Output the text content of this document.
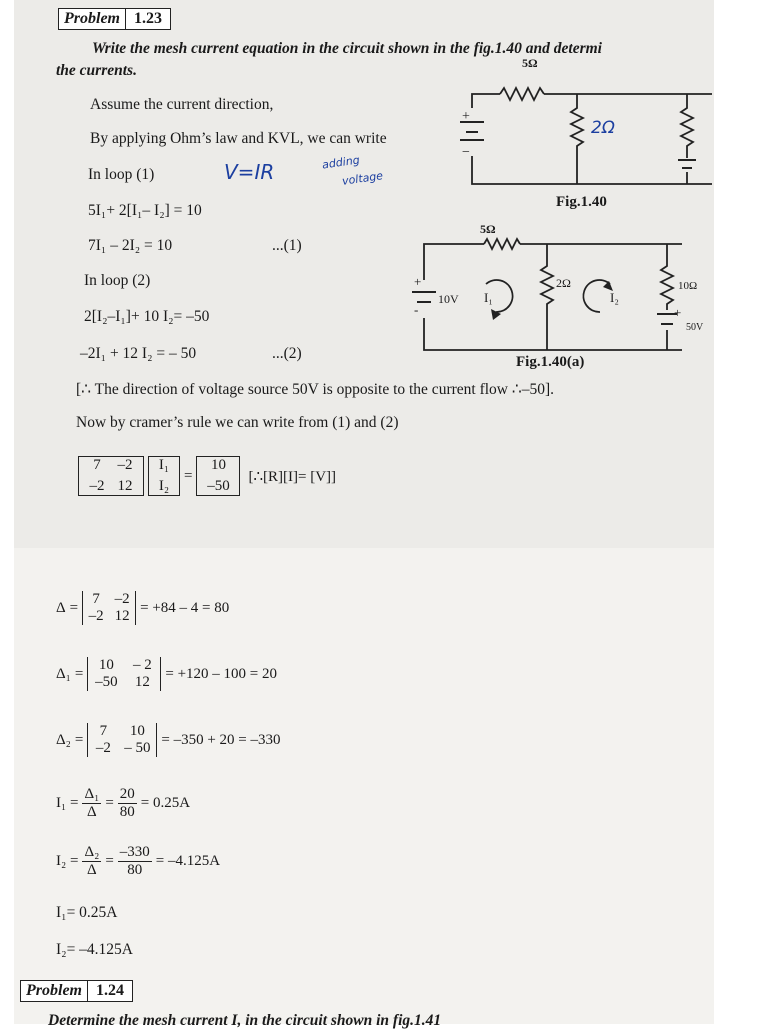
Problem 1.23
Write the mesh current equation in the circuit shown in the fig.1.40 and determi
the currents.
Assume the current direction,
By applying Ohm’s law and KVL, we can write
In loop (1)
5I₁+ 2[I₁– I₂] = 10
7I₁ – 2I₂ = 10	...(1)
In loop (2)
2[I₂–I₁]+ 10 I₂= –50
–2I₁ + 12 I₂ = – 50	...(2)
[∴ The direction of voltage source 50V is opposite to the current flow ∴–50].
Now by cramer’s rule we can write from (1) and (2)
V=IR	adding
voltage
2Ω
+
−
5Ω
Fig.1.40
5Ω
2Ω	10Ω
10V
50V
I₁	I₂
+
-	+
Fig.1.40(a)
7	–2
–2 12
I₁
I₂
=
10
–50
[∴[R][I]= [V]]
Δ =
7 –2
–2 12
= +84 – 4 = 80
Δ₁ =
10	– 2
–50	12
= +120 – 100 = 20
Δ₂ =
7	10
–2 – 50
= –350 + 20 = –330
$I_1 = \frac{\text{Δ₁}}{\Delta} = \frac{20}{80} = 0.25A$
$I_2 = \frac{\text{Δ₂}}{\Delta} = \frac{-330}{80} = -4.125A$
I₁= 0.25A
I₂= –4.125A
Problem 1.24
Determine the mesh current I, in the circuit shown in fig.1.41
